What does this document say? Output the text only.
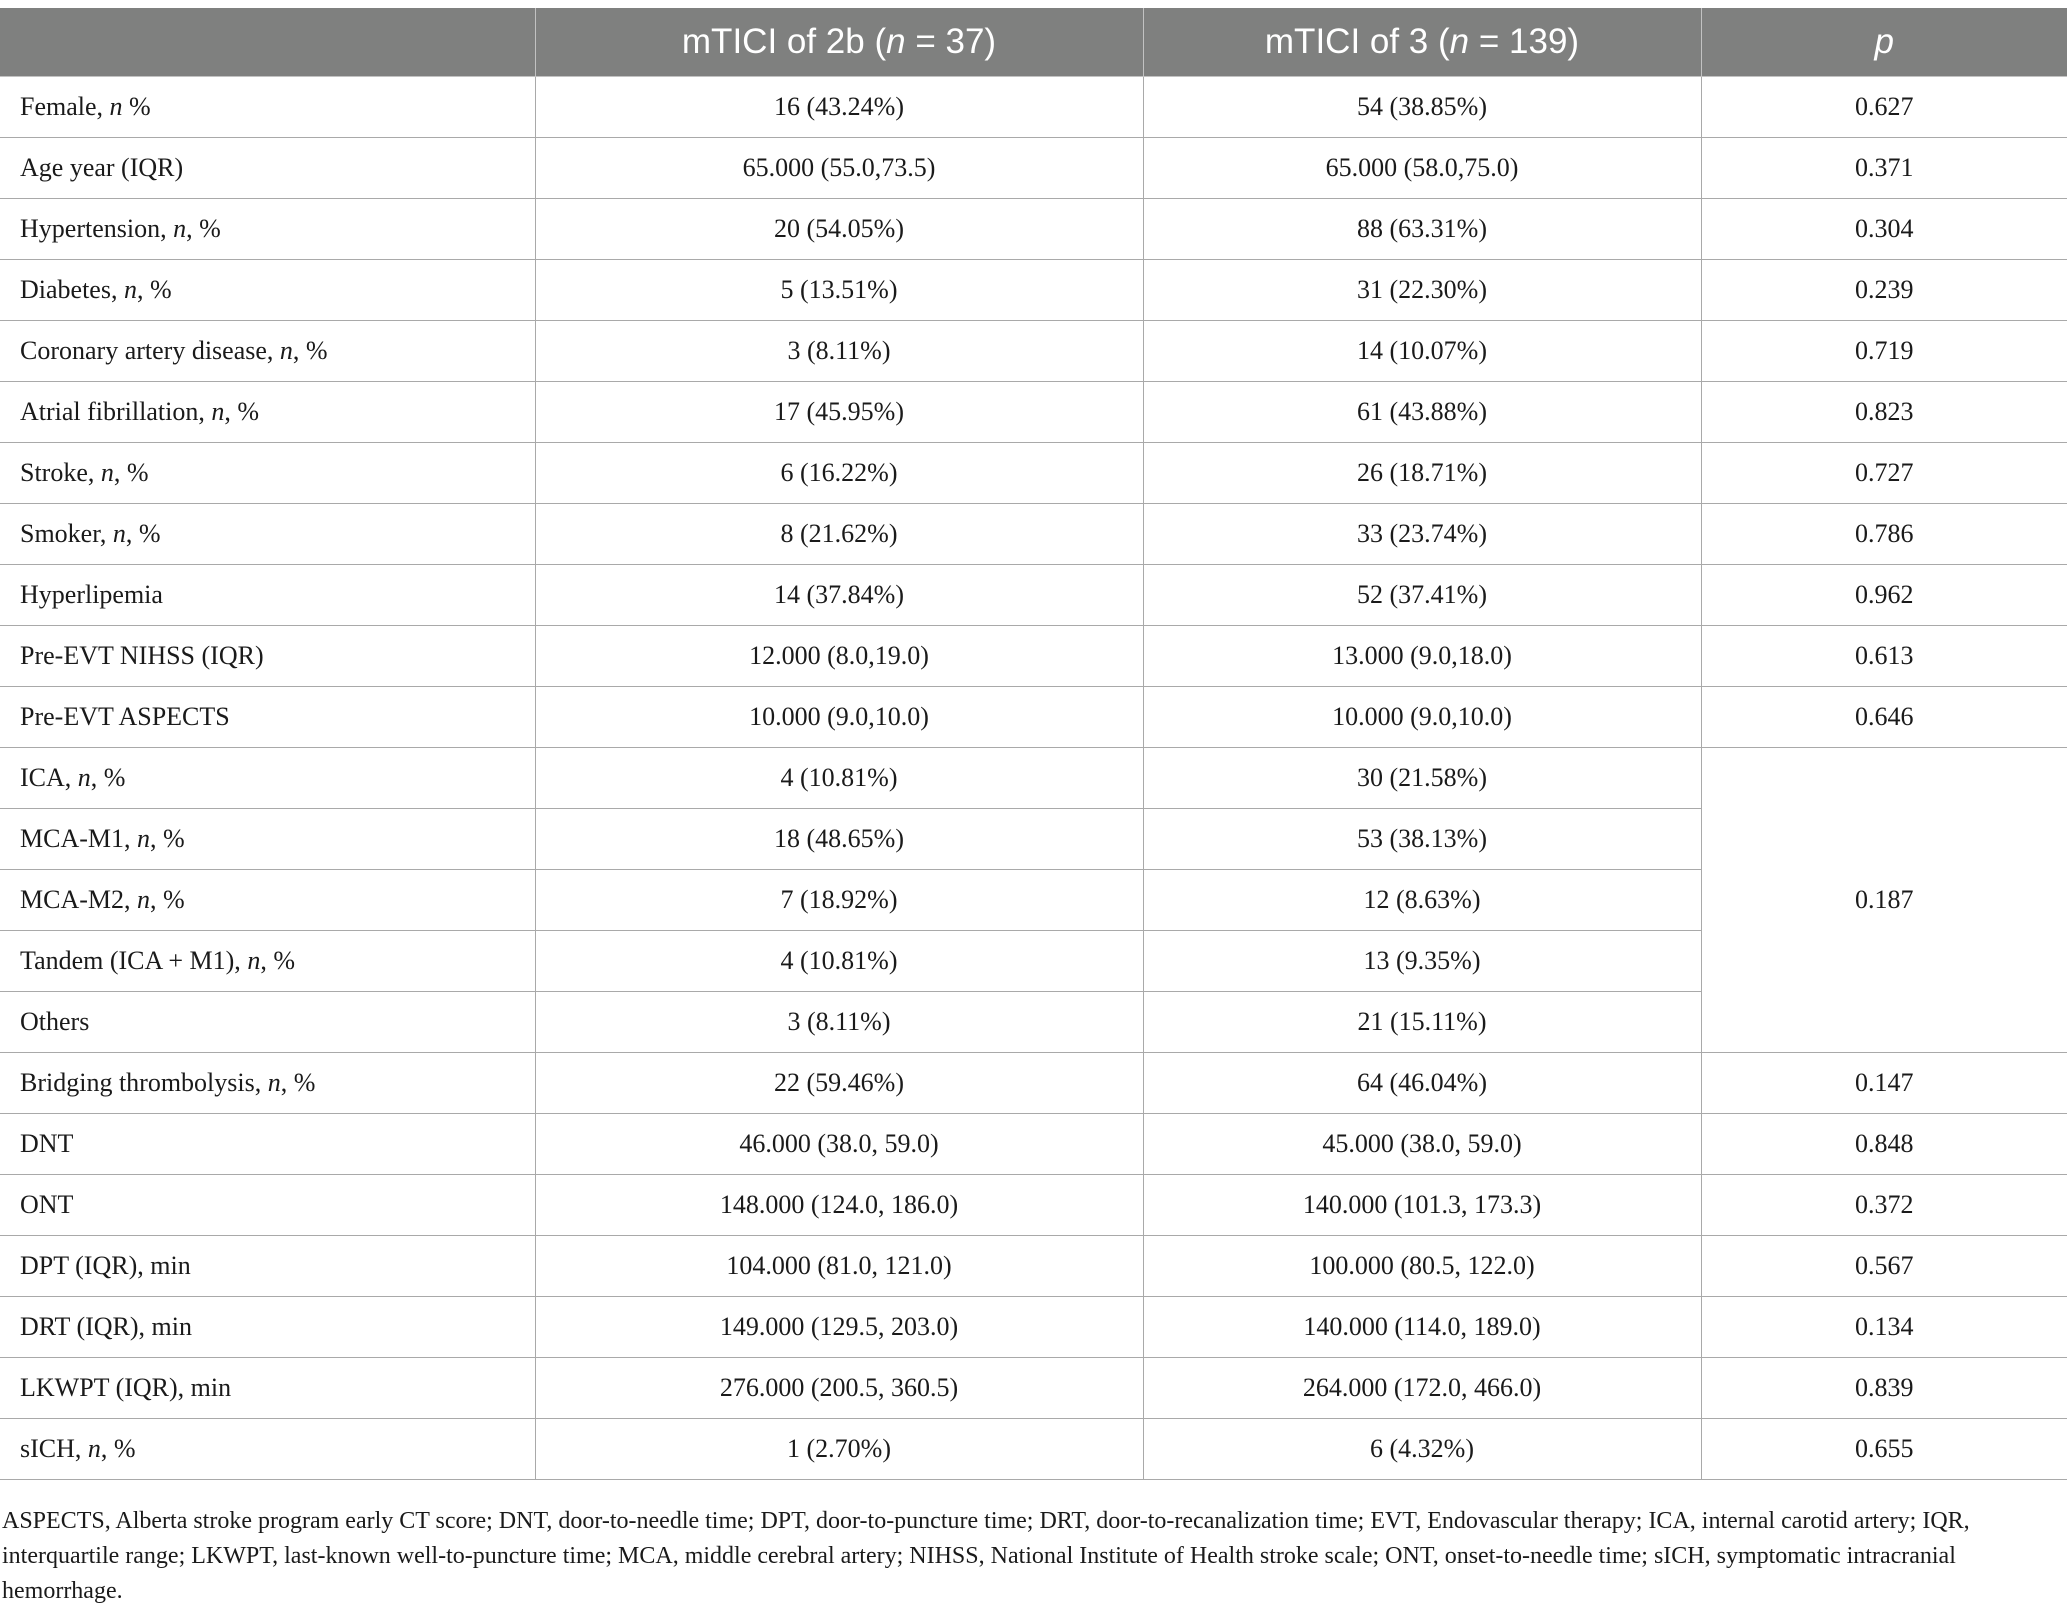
	mTICI of 2b (n = 37)	mTICI of 3 (n = 139)	p
Female, n %	16 (43.24%)	54 (38.85%)	0.627
Age year (IQR)	65.000 (55.0,73.5)	65.000 (58.0,75.0)	0.371
Hypertension, n, %	20 (54.05%)	88 (63.31%)	0.304
Diabetes, n, %	5 (13.51%)	31 (22.30%)	0.239
Coronary artery disease, n, %	3 (8.11%)	14 (10.07%)	0.719
Atrial fibrillation, n, %	17 (45.95%)	61 (43.88%)	0.823
Stroke, n, %	6 (16.22%)	26 (18.71%)	0.727
Smoker, n, %	8 (21.62%)	33 (23.74%)	0.786
Hyperlipemia	14 (37.84%)	52 (37.41%)	0.962
Pre-EVT NIHSS (IQR)	12.000 (8.0,19.0)	13.000 (9.0,18.0)	0.613
Pre-EVT ASPECTS	10.000 (9.0,10.0)	10.000 (9.0,10.0)	0.646
ICA, n, %	4 (10.81%)	30 (21.58%)	0.187
MCA-M1, n, %	18 (48.65%)	53 (38.13%)	
MCA-M2, n, %	7 (18.92%)	12 (8.63%)	
Tandem (ICA + M1), n, %	4 (10.81%)	13 (9.35%)	
Others	3 (8.11%)	21 (15.11%)	
Bridging thrombolysis, n, %	22 (59.46%)	64 (46.04%)	0.147
DNT	46.000 (38.0, 59.0)	45.000 (38.0, 59.0)	0.848
ONT	148.000 (124.0, 186.0)	140.000 (101.3, 173.3)	0.372
DPT (IQR), min	104.000 (81.0, 121.0)	100.000 (80.5, 122.0)	0.567
DRT (IQR), min	149.000 (129.5, 203.0)	140.000 (114.0, 189.0)	0.134
LKWPT (IQR), min	276.000 (200.5, 360.5)	264.000 (172.0, 466.0)	0.839
sICH, n, %	1 (2.70%)	6 (4.32%)	0.655

ASPECTS, Alberta stroke program early CT score; DNT, door-to-needle time; DPT, door-to-puncture time; DRT, door-to-recanalization time; EVT, Endovascular therapy; ICA, internal carotid artery; IQR, interquartile range; LKWPT, last-known well-to-puncture time; MCA, middle cerebral artery; NIHSS, National Institute of Health stroke scale; ONT, onset-to-needle time; sICH, symptomatic intracranial hemorrhage.
